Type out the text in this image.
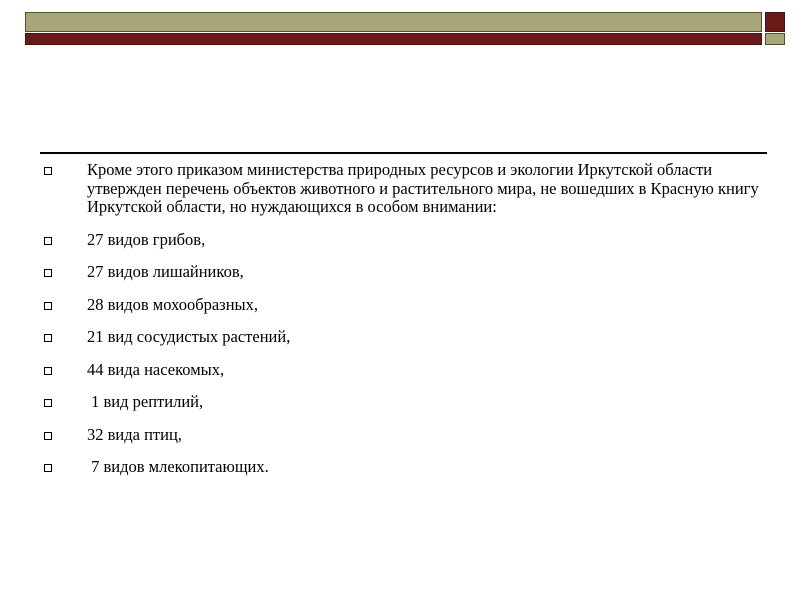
Кроме этого приказом министерства природных ресурсов и экологии Иркутской области утвержден перечень объектов животного и растительного мира, не вошедших в Красную книгу Иркутской области, но нуждающихся в особом внимании:
27 видов грибов,
27 видов лишайников,
28 видов мохообразных,
21 вид сосудистых растений,
44 вида насекомых,
1 вид рептилий,
32 вида птиц,
7 видов млекопитающих.
